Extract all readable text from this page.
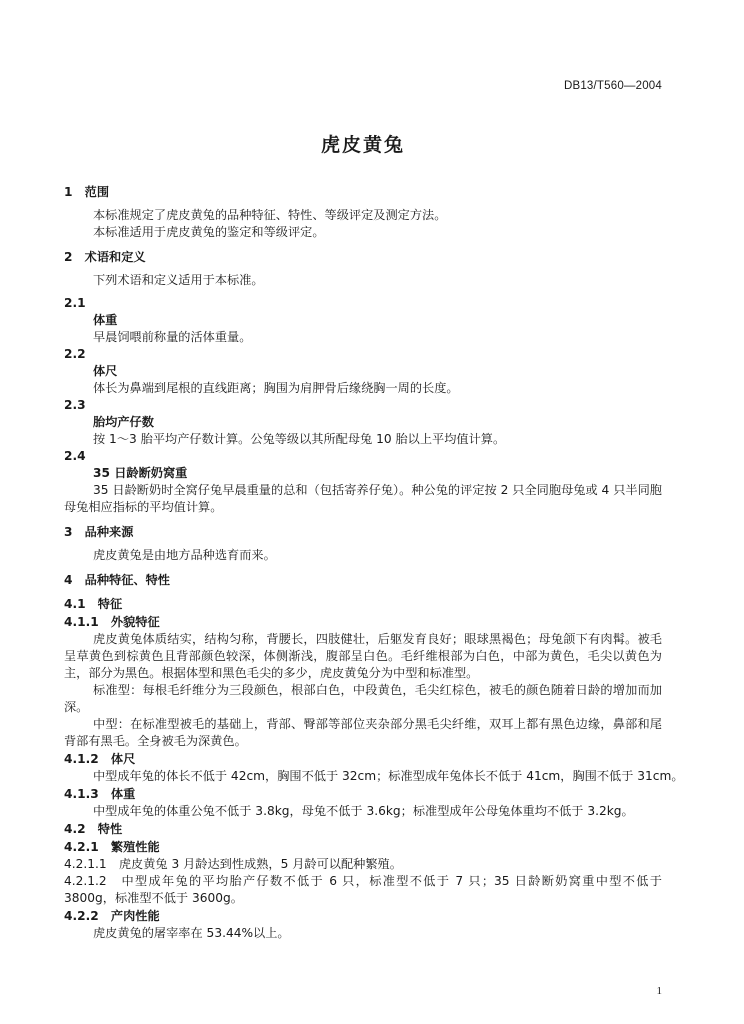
DB13/T560—2004
虎皮黄兔
1　范围
本标准规定了虎皮黄兔的品种特征、特性、等级评定及测定方法。
本标准适用于虎皮黄兔的鉴定和等级评定。
2　术语和定义
下列术语和定义适用于本标准。
2.1
体重
早晨饲喂前称量的活体重量。
2.2
体尺
体长为鼻端到尾根的直线距离；胸围为肩胛骨后缘绕胸一周的长度。
2.3
胎均产仔数
按 1～3 胎平均产仔数计算。公兔等级以其所配母兔 10 胎以上平均值计算。
2.4
35 日龄断奶窝重
35 日龄断奶时全窝仔兔早晨重量的总和（包括寄养仔兔）。种公兔的评定按 2 只全同胞母兔或 4 只半同胞母兔相应指标的平均值计算。
3　品种来源
虎皮黄兔是由地方品种选育而来。
4　品种特征、特性
4.1　特征
4.1.1　外貌特征
虎皮黄兔体质结实，结构匀称，背腰长，四肢健壮，后躯发育良好；眼球黑褐色；母兔颌下有肉髯。被毛呈草黄色到棕黄色且背部颜色较深，体侧渐浅，腹部呈白色。毛纤维根部为白色，中部为黄色，毛尖以黄色为主，部分为黑色。根据体型和黑色毛尖的多少，虎皮黄兔分为中型和标准型。
标准型：每根毛纤维分为三段颜色，根部白色，中段黄色，毛尖红棕色，被毛的颜色随着日龄的增加而加深。
中型：在标准型被毛的基础上，背部、臀部等部位夹杂部分黑毛尖纤维，双耳上都有黑色边缘，鼻部和尾背部有黑毛。全身被毛为深黄色。
4.1.2　体尺
中型成年兔的体长不低于 42cm，胸围不低于 32cm；标准型成年兔体长不低于 41cm，胸围不低于 31cm。
4.1.3　体重
中型成年兔的体重公兔不低于 3.8kg，母兔不低于 3.6kg；标准型成年公母兔体重均不低于 3.2kg。
4.2　特性
4.2.1　繁殖性能
4.2.1.1　虎皮黄兔 3 月龄达到性成熟，5 月龄可以配种繁殖。
4.2.1.2　中型成年兔的平均胎产仔数不低于 6 只，标准型不低于 7 只；35 日龄断奶窝重中型不低于 3800g，标准型不低于 3600g。
4.2.2　产肉性能
虎皮黄兔的屠宰率在 53.44%以上。
1
